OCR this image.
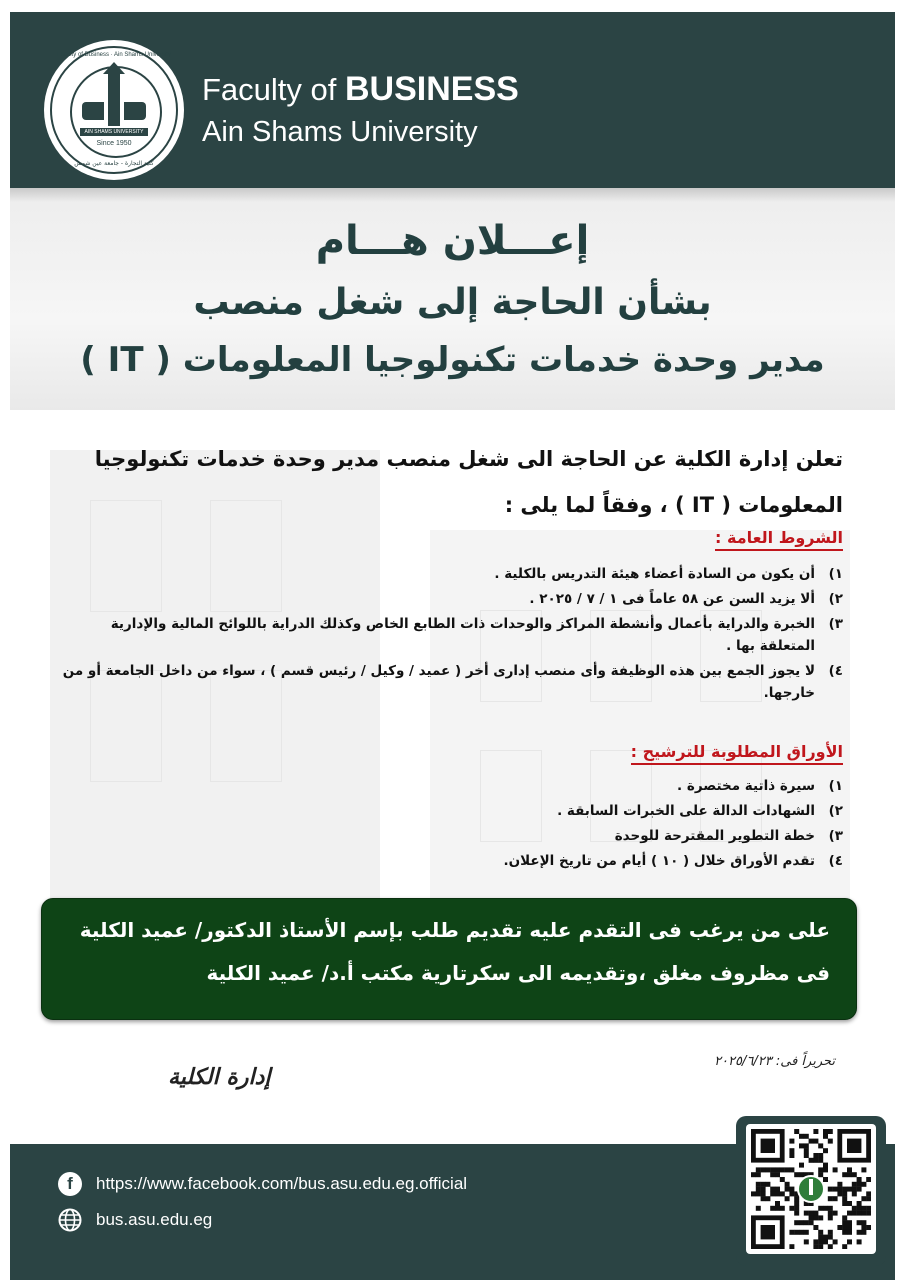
Faculty of Business · Ain Shams University
AIN SHAMS UNIVERSITY
Since 1950
كلية التجارة - جامعة عين شمس
Faculty of BUSINESS
Ain Shams University
إعـــلان هـــام
بشأن الحاجة إلى شغل منصب
مدير وحدة خدمات تكنولوجيا المعلومات ( IT )
تعلن إدارة الكلية عن الحاجة الى شغل منصب مدير وحدة خدمات تكنولوجيا
المعلومات ( IT ) ، وفقاً لما يلى :
الشروط العامة :
١)
أن يكون من السادة أعضاء هيئة التدريس بالكلية .
٢)
ألا يزيد السن عن ٥٨ عاماً فى ١ / ٧ / ٢٠٢٥ .
٣)
الخبرة والدراية بأعمال وأنشطة المراكز والوحدات ذات الطابع الخاص وكذلك الدراية باللوائح المالية والإدارية المتعلقة بها .
٤)
لا يجوز الجمع بين هذه الوظيفة وأى منصب إدارى أخر ( عميد / وكيل / رئيس قسم ) ، سواء من داخل الجامعة أو من خارجها.
الأوراق المطلوبة للترشيح :
١)
سيرة ذاتية مختصرة .
٢)
الشهادات الدالة على الخبرات السابقة .
٣)
خطة التطوير المقترحة للوحدة
٤)
تقدم الأوراق خلال ( ١٠ ) أيام من تاريخ الإعلان.
على من يرغب فى التقدم عليه تقديم طلب بإسم الأستاذ الدكتور/ عميد الكلية
فى مظروف مغلق ،وتقديمه الى سكرتارية مكتب أ.د/ عميد الكلية
تحريراً فى: ٢٠٢٥/٦/٢٣
إدارة الكلية
f	https://www.facebook.com/bus.asu.edu.eg.official
bus.asu.edu.eg
